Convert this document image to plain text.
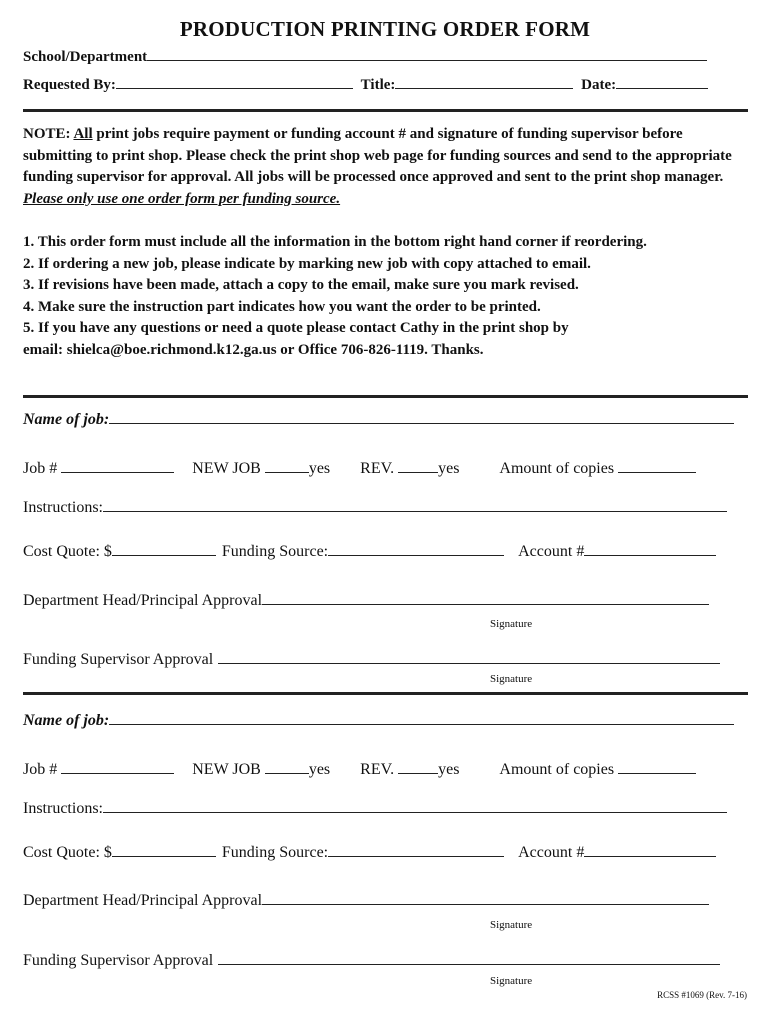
PRODUCTION PRINTING ORDER FORM
School/Department
Requested By:	Title:	Date:
NOTE: All print jobs require payment or funding account # and signature of funding supervisor before submitting to print shop. Please check the print shop web page for funding sources and send to the appropriate funding supervisor for approval. All jobs will be processed once approved and sent to the print shop manager. Please only use one order form per funding source.
1. This order form must include all the information in the bottom right hand corner if reordering.
2. If ordering a new job, please indicate by marking new job with copy attached to email.
3. If revisions have been made, attach a copy to the email, make sure you mark revised.
4. Make sure the instruction part indicates how you want the order to be printed.
5. If you have any questions or need a quote please contact Cathy in the print shop by
email: shielca@boe.richmond.k12.ga.us or Office 706-826-1119. Thanks.
Name of job:
Job #	NEW JOB	yes REV.	yes	Amount of copies
Instructions:
Cost Quote: $	Funding Source:	Account #
Department Head/Principal Approval
Signature
Funding Supervisor Approval
Signature
Name of job:
Job #	NEW JOB	yes REV.	yes	Amount of copies
Instructions:
Cost Quote: $	Funding Source:	Account #
Department Head/Principal Approval
Signature
Funding Supervisor Approval
Signature
RCSS #1069 (Rev. 7-16)
